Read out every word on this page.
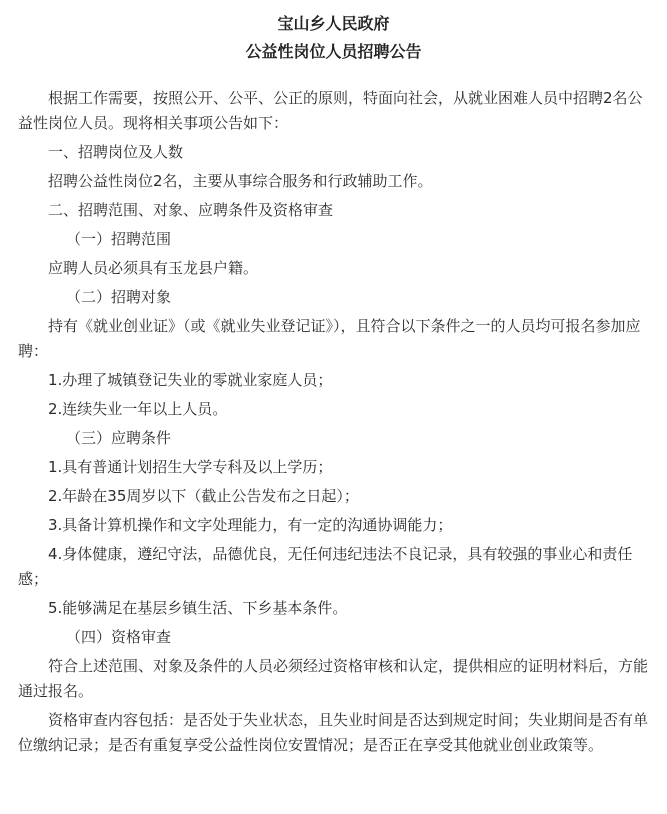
宝山乡人民政府
公益性岗位人员招聘公告

根据工作需要，按照公开、公平、公正的原则，特面向社会，从就业困难人员中招聘2名公益性岗位人员。现将相关事项公告如下：

一、招聘岗位及人数

招聘公益性岗位2名，主要从事综合服务和行政辅助工作。

二、招聘范围、对象、应聘条件及资格审查

（一）招聘范围

应聘人员必须具有玉龙县户籍。

（二）招聘对象

持有《就业创业证》（或《就业失业登记证》），且符合以下条件之一的人员均可报名参加应聘：

1.办理了城镇登记失业的零就业家庭人员；

2.连续失业一年以上人员。

（三）应聘条件

1.具有普通计划招生大学专科及以上学历；

2.年龄在35周岁以下（截止公告发布之日起）；

3.具备计算机操作和文字处理能力，有一定的沟通协调能力；

4.身体健康，遵纪守法，品德优良，无任何违纪违法不良记录，具有较强的事业心和责任感；

5.能够满足在基层乡镇生活、下乡基本条件。

（四）资格审查

符合上述范围、对象及条件的人员必须经过资格审核和认定，提供相应的证明材料后，方能通过报名。

资格审查内容包括：是否处于失业状态，且失业时间是否达到规定时间；失业期间是否有单位缴纳记录；是否有重复享受公益性岗位安置情况；是否正在享受其他就业创业政策等。
